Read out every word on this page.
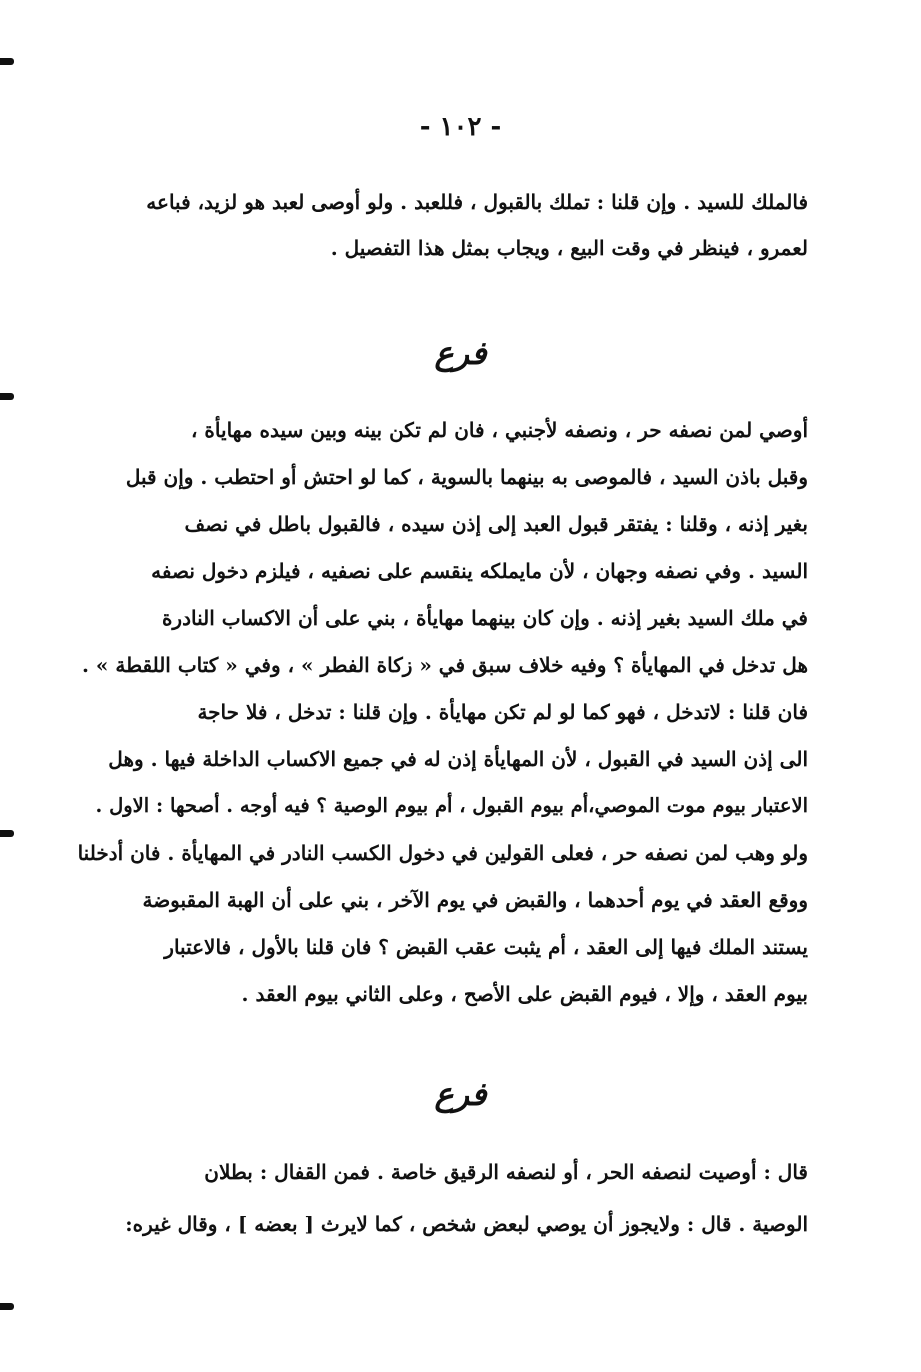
- ١٠٢ -
فالملك للسيد . وإن قلنا : تملك بالقبول ، فللعبد . ولو أوصى لعبد هو لزيد، فباعه
لعمرو ، فينظر في وقت البيع ، ويجاب بمثل هذا التفصيل .
فرع
أوصي لمن نصفه حر ، ونصفه لأجنبي ، فان لم تكن بينه وبين سيده مهايأة ،
وقبل باذن السيد ، فالموصى به بينهما بالسوية ، كما لو احتش أو احتطب . وإن قبل
بغير إذنه ، وقلنا : يفتقر قبول العبد إلى إذن سيده ، فالقبول باطل في نصف
السيد . وفي نصفه وجهان ، لأن مايملكه ينقسم على نصفيه ، فيلزم دخول نصفه
في ملك السيد بغير إذنه . وإن كان بينهما مهايأة ، بني على أن الاكساب النادرة
هل تدخل في المهايأة ؟ وفيه خلاف سبق في « زكاة الفطر » ، وفي « كتاب اللقطة » .
فان قلنا : لاتدخل ، فهو كما لو لم تكن مهايأة . وإن قلنا : تدخل ، فلا حاجة
الى إذن السيد في القبول ، لأن المهايأة إذن له في جميع الاكساب الداخلة فيها . وهل
الاعتبار بيوم موت الموصي،أم بيوم القبول ، أم بيوم الوصية ؟ فيه أوجه . أصحها : الاول .
ولو وهب لمن نصفه حر ، فعلى القولين في دخول الكسب النادر في المهايأة . فان أدخلنا
ووقع العقد في يوم أحدهما ، والقبض في يوم الآخر ، بني على أن الهبة المقبوضة
يستند الملك فيها إلى العقد ، أم يثبت عقب القبض ؟ فان قلنا بالأول ، فالاعتبار
بيوم العقد ، وإلا ، فيوم القبض على الأصح ، وعلى الثاني بيوم العقد .
فرع
قال : أوصيت لنصفه الحر ، أو لنصفه الرقيق خاصة . فمن القفال : بطلان
الوصية . قال : ولايجوز أن يوصي لبعض شخص ، كما لايرث [ بعضه ] ، وقال غيره:
